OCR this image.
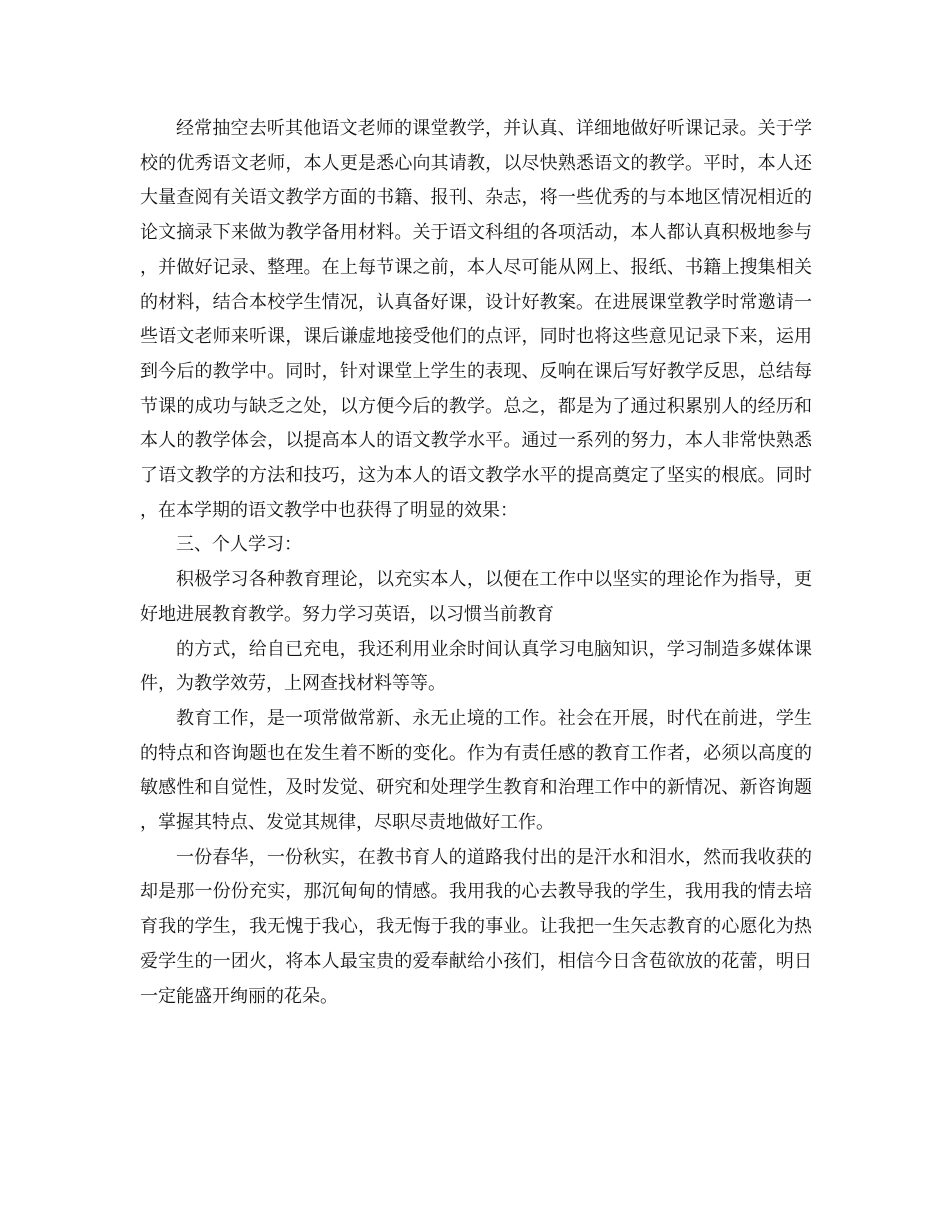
经常抽空去听其他语文老师的课堂教学，并认真、详细地做好听课记录。关于学校的优秀语文老师，本人更是悉心向其请教，以尽快熟悉语文的教学。平时，本人还大量查阅有关语文教学方面的书籍、报刊、杂志，将一些优秀的与本地区情况相近的论文摘录下来做为教学备用材料。关于语文科组的各项活动，本人都认真积极地参与，并做好记录、整理。在上每节课之前，本人尽可能从网上、报纸、书籍上搜集相关的材料，结合本校学生情况，认真备好课，设计好教案。在进展课堂教学时常邀请一些语文老师来听课，课后谦虚地接受他们的点评，同时也将这些意见记录下来，运用到今后的教学中。同时，针对课堂上学生的表现、反响在课后写好教学反思，总结每节课的成功与缺乏之处，以方便今后的教学。总之，都是为了通过积累别人的经历和本人的教学体会，以提高本人的语文教学水平。通过一系列的努力，本人非常快熟悉了语文教学的方法和技巧，这为本人的语文教学水平的提高奠定了坚实的根底。同时，在本学期的语文教学中也获得了明显的效果：

三、个人学习：

积极学习各种教育理论，以充实本人，以便在工作中以坚实的理论作为指导，更好地进展教育教学。努力学习英语，以习惯当前教育

的方式，给自已充电，我还利用业余时间认真学习电脑知识，学习制造多媒体课件，为教学效劳，上网查找材料等等。

教育工作，是一项常做常新、永无止境的工作。社会在开展，时代在前进，学生的特点和咨询题也在发生着不断的变化。作为有责任感的教育工作者，必须以高度的敏感性和自觉性，及时发觉、研究和处理学生教育和治理工作中的新情况、新咨询题，掌握其特点、发觉其规律，尽职尽责地做好工作。

一份春华，一份秋实，在教书育人的道路我付出的是汗水和泪水，然而我收获的却是那一份份充实，那沉甸甸的情感。我用我的心去教导我的学生，我用我的情去培育我的学生，我无愧于我心，我无悔于我的事业。让我把一生矢志教育的心愿化为热爱学生的一团火，将本人最宝贵的爱奉献给小孩们，相信今日含苞欲放的花蕾，明日一定能盛开绚丽的花朵。
